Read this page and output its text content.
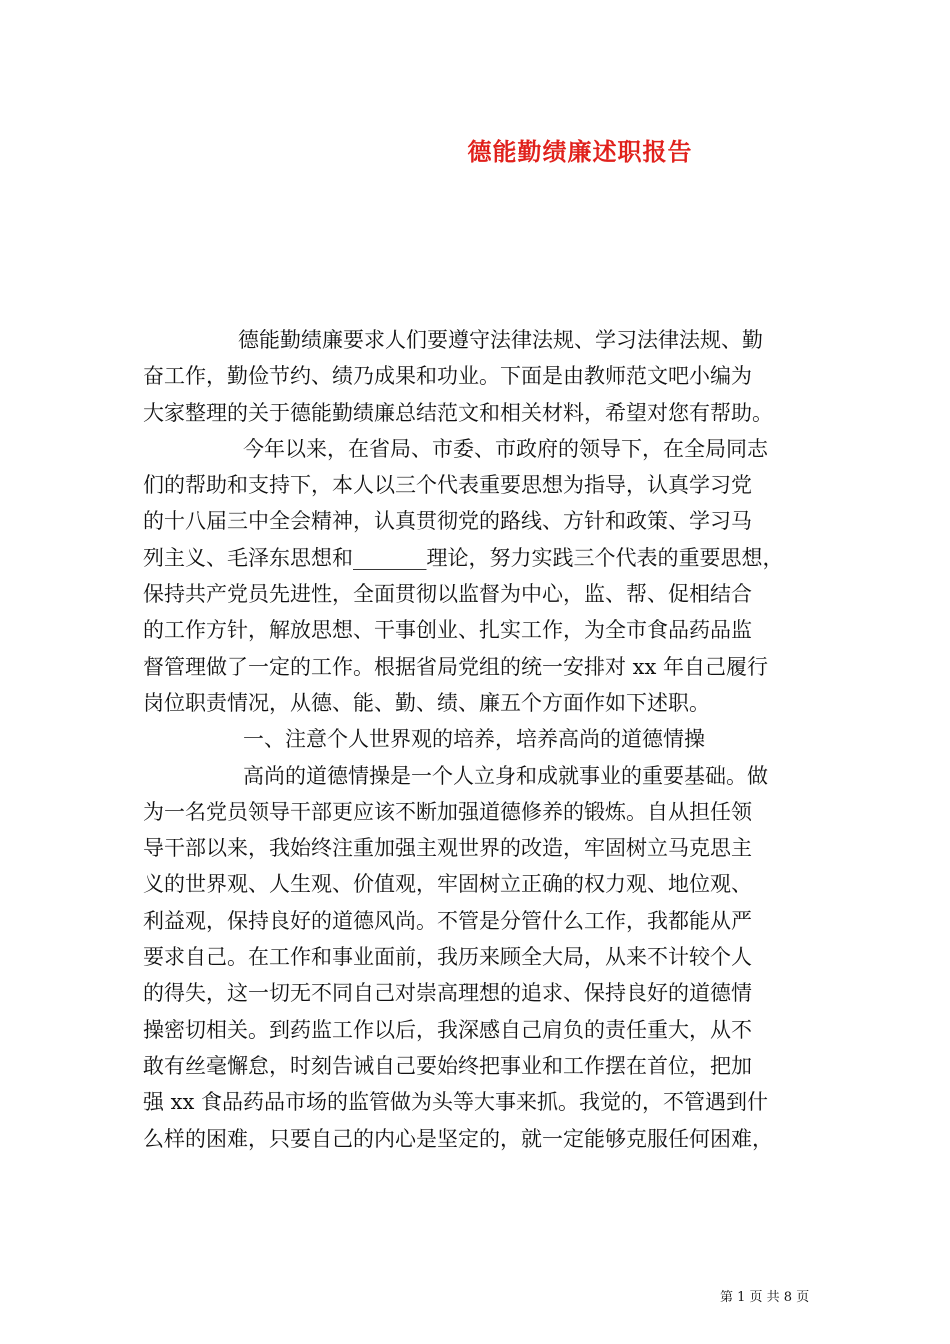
德能勤绩廉述职报告
德能勤绩廉要求人们要遵守法律法规、学习法律法规、勤
奋工作，勤俭节约、绩乃成果和功业。下面是由教师范文吧小编为
大家整理的关于德能勤绩廉总结范文和相关材料，希望对您有帮助。
今年以来，在省局、市委、市政府的领导下，在全局同志
们的帮助和支持下，本人以三个代表重要思想为指导，认真学习党
的十八届三中全会精神，认真贯彻党的路线、方针和政策、学习马
列主义、毛泽东思想和_______理论，努力实践三个代表的重要思想，
保持共产党员先进性，全面贯彻以监督为中心，监、帮、促相结合
的工作方针，解放思想、干事创业、扎实工作，为全市食品药品监
督管理做了一定的工作。根据省局党组的统一安排对 xx 年自己履行
岗位职责情况，从德、能、勤、绩、廉五个方面作如下述职。
一、注意个人世界观的培养，培养高尚的道德情操
高尚的道德情操是一个人立身和成就事业的重要基础。做
为一名党员领导干部更应该不断加强道德修养的锻炼。自从担任领
导干部以来，我始终注重加强主观世界的改造，牢固树立马克思主
义的世界观、人生观、价值观，牢固树立正确的权力观、地位观、
利益观，保持良好的道德风尚。不管是分管什么工作，我都能从严
要求自己。在工作和事业面前，我历来顾全大局，从来不计较个人
的得失，这一切无不同自己对崇高理想的追求、保持良好的道德情
操密切相关。到药监工作以后，我深感自己肩负的责任重大，从不
敢有丝毫懈怠，时刻告诫自己要始终把事业和工作摆在首位，把加
强 xx 食品药品市场的监管做为头等大事来抓。我觉的，不管遇到什
么样的困难，只要自己的内心是坚定的，就一定能够克服任何困难，
第 1 页 共 8 页
